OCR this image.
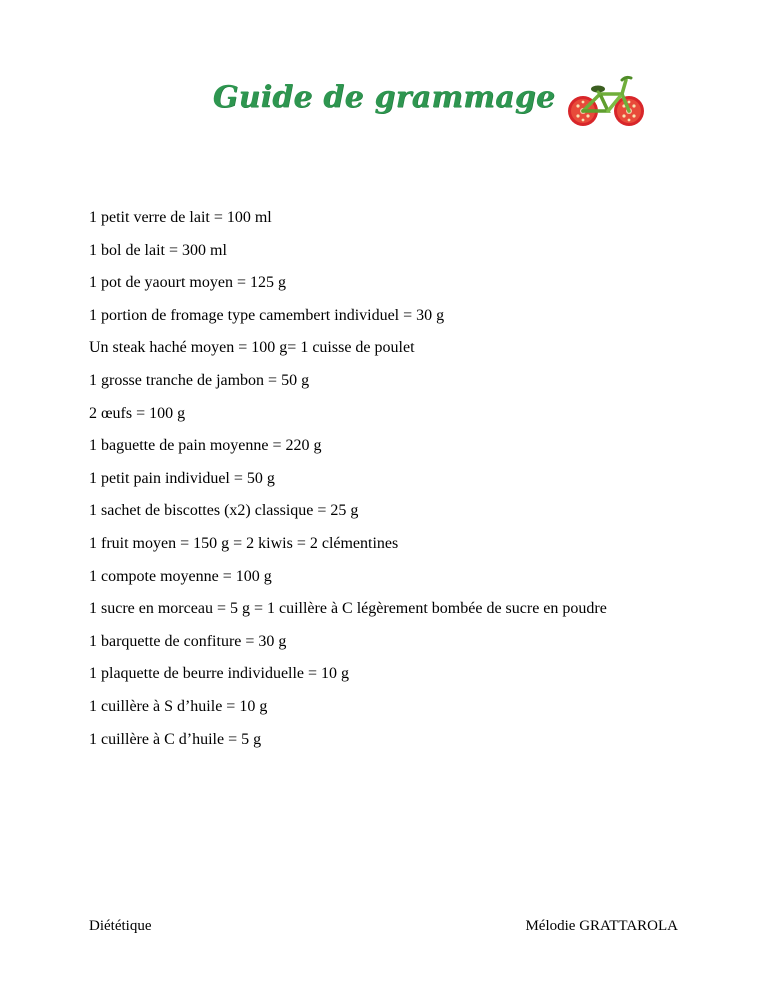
Guide de grammage
1 petit verre de lait = 100 ml
1 bol de lait = 300 ml
1 pot de yaourt moyen = 125 g
1 portion de fromage type camembert individuel = 30 g
Un steak haché moyen = 100 g= 1 cuisse de poulet
1 grosse tranche de jambon = 50 g
2 œufs = 100 g
1 baguette de pain moyenne = 220 g
1 petit pain individuel = 50 g
1 sachet de biscottes (x2) classique = 25 g
1 fruit moyen = 150 g = 2 kiwis = 2 clémentines
1 compote moyenne = 100 g
1 sucre en morceau = 5 g = 1 cuillère à C légèrement bombée de sucre en poudre
1 barquette de confiture = 30 g
1 plaquette de beurre individuelle = 10 g
1 cuillère à S d’huile = 10 g
1 cuillère à C d’huile = 5 g
Diététique	Mélodie GRATTAROLA
